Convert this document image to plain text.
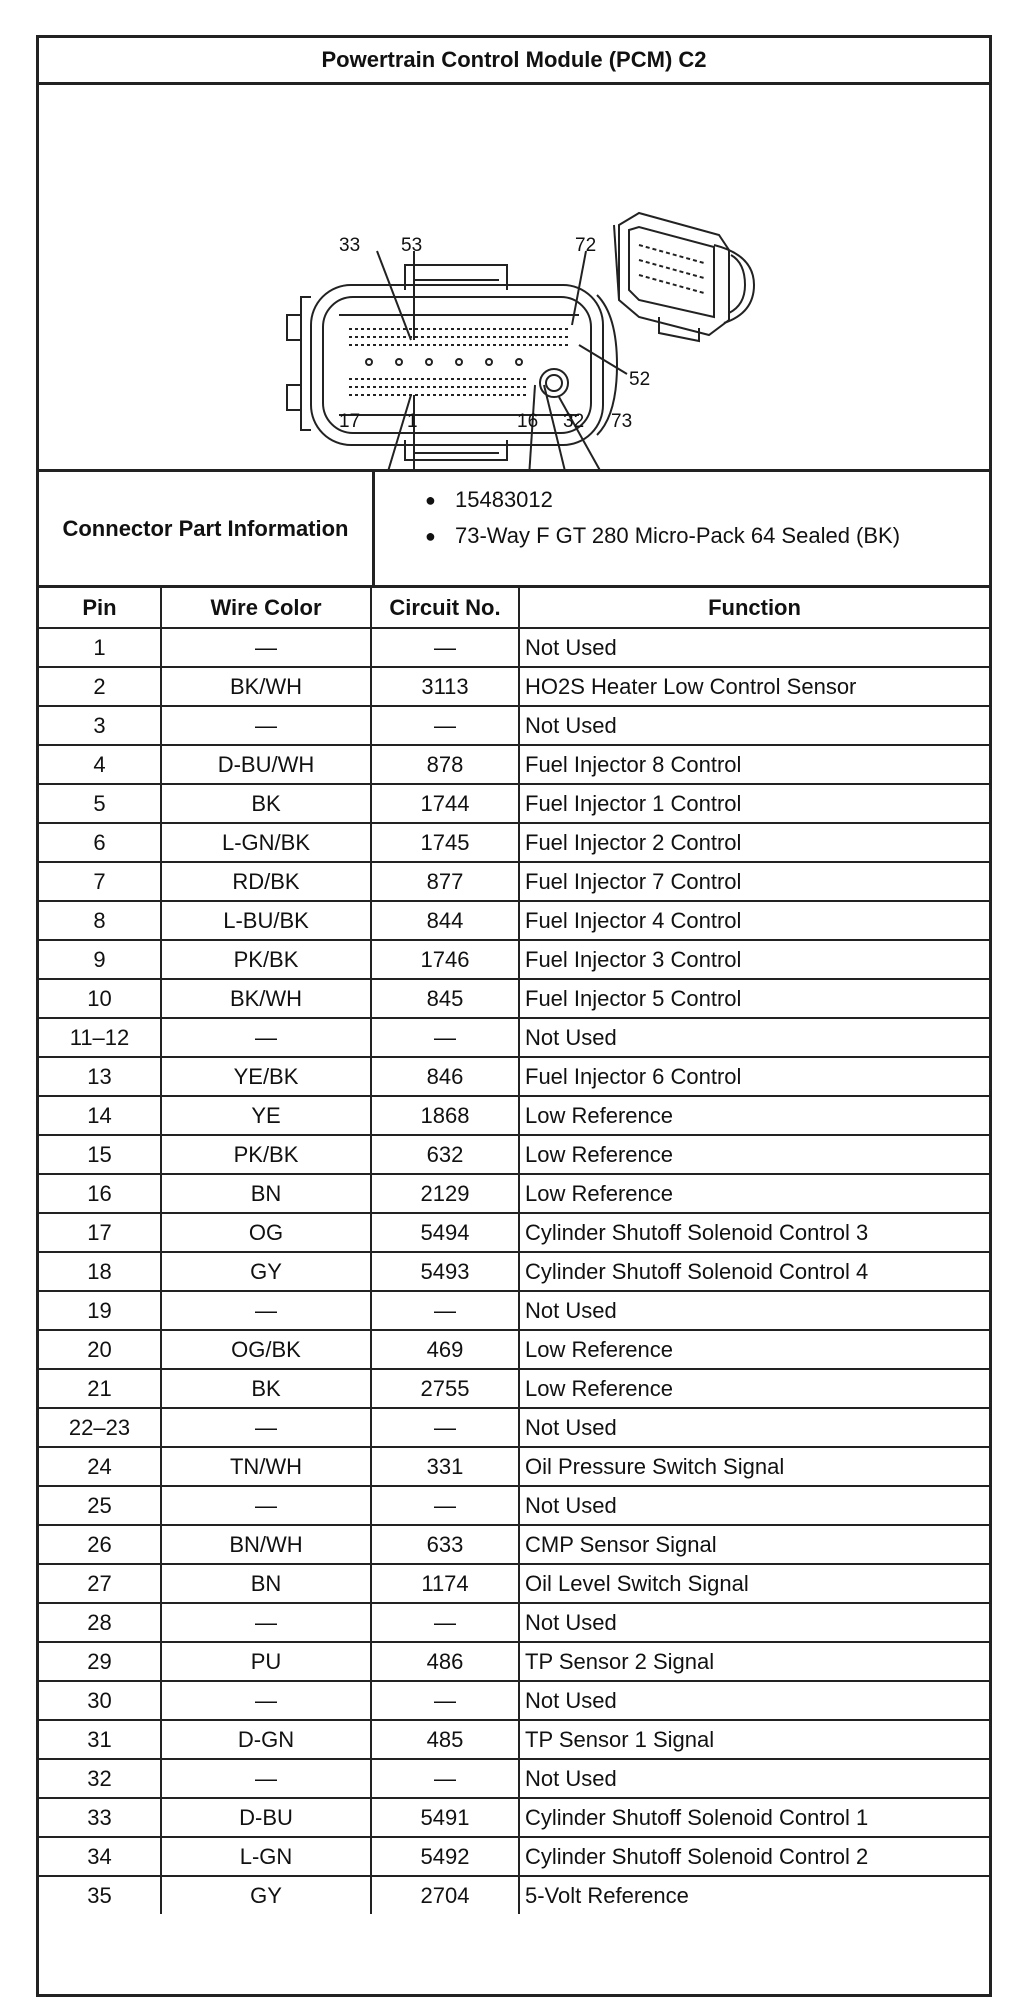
Powertrain Control Module (PCM) C2
33 53	72
52
17 1	16 32 73
Connector Part Information
● 15483012
● 73-Way F GT 280 Micro-Pack 64 Sealed (BK)
Pin	Wire Color	Circuit No.	Function
1	—	—	Not Used
2	BK/WH	3113	HO2S Heater Low Control Sensor
3	—	—	Not Used
4	D-BU/WH	878	Fuel Injector 8 Control
5	BK	1744	Fuel Injector 1 Control
6	L-GN/BK	1745	Fuel Injector 2 Control
7	RD/BK	877	Fuel Injector 7 Control
8	L-BU/BK	844	Fuel Injector 4 Control
9	PK/BK	1746	Fuel Injector 3 Control
10	BK/WH	845	Fuel Injector 5 Control
11–12	—	—	Not Used
13	YE/BK	846	Fuel Injector 6 Control
14	YE	1868	Low Reference
15	PK/BK	632	Low Reference
16	BN	2129	Low Reference
17	OG	5494	Cylinder Shutoff Solenoid Control 3
18	GY	5493	Cylinder Shutoff Solenoid Control 4
19	—	—	Not Used
20	OG/BK	469	Low Reference
21	BK	2755	Low Reference
22–23	—	—	Not Used
24	TN/WH	331	Oil Pressure Switch Signal
25	—	—	Not Used
26	BN/WH	633	CMP Sensor Signal
27	BN	1174	Oil Level Switch Signal
28	—	—	Not Used
29	PU	486	TP Sensor 2 Signal
30	—	—	Not Used
31	D-GN	485	TP Sensor 1 Signal
32	—	—	Not Used
33	D-BU	5491	Cylinder Shutoff Solenoid Control 1
34	L-GN	5492	Cylinder Shutoff Solenoid Control 2
35	GY	2704	5-Volt Reference
